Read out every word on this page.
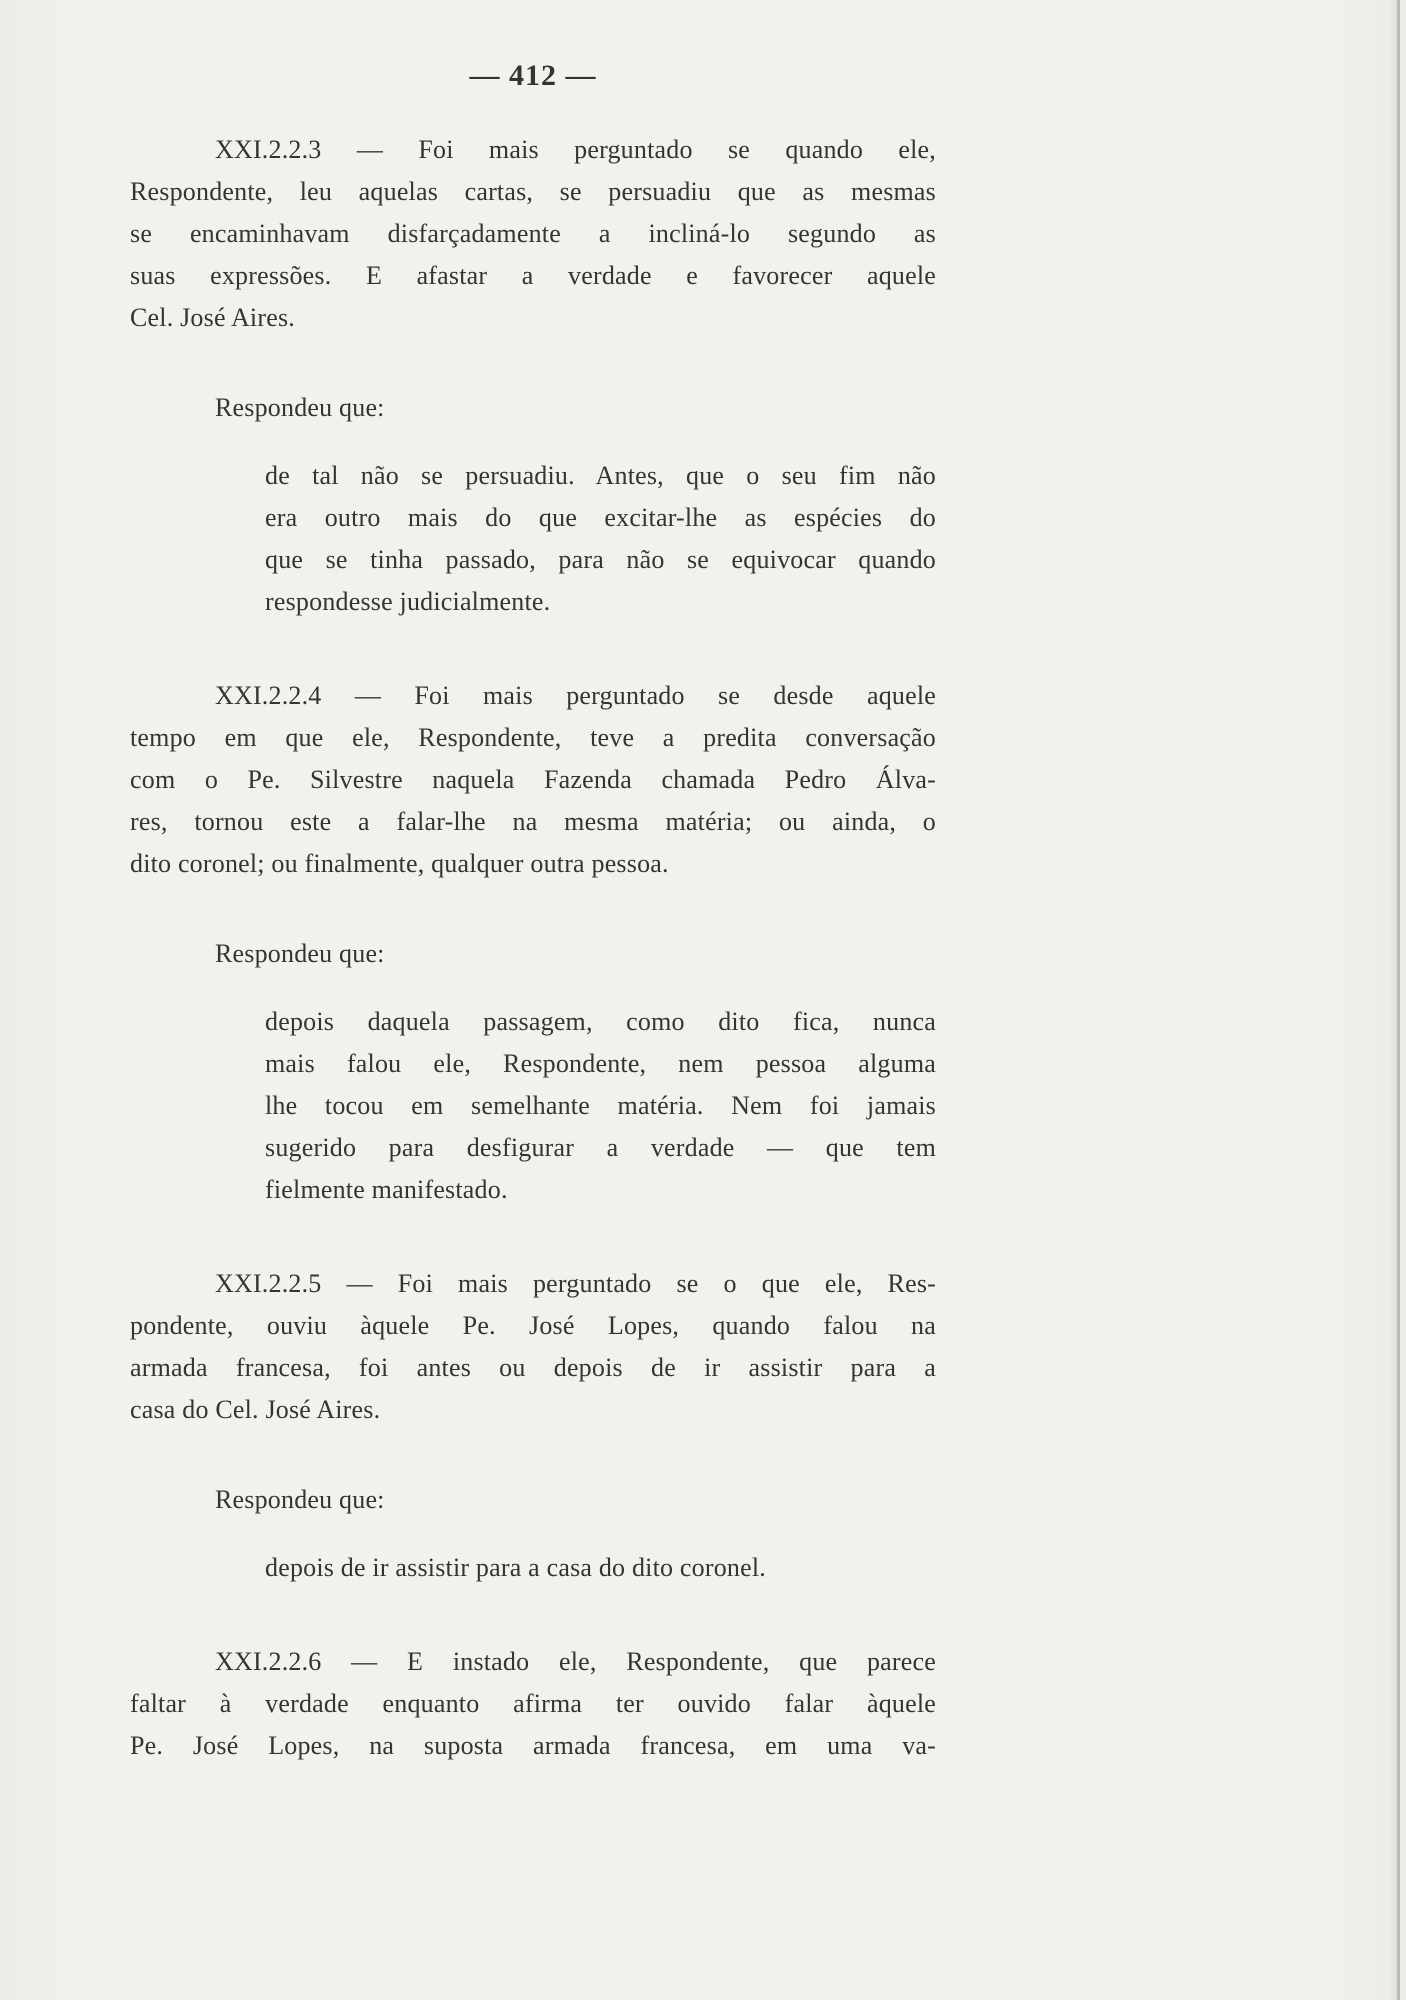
— 412 —
XXI.2.2.3 — Foi mais perguntado se quando ele,
Respondente, leu aquelas cartas, se persuadiu que as mesmas
se encaminhavam disfarçadamente a incliná-lo segundo as
suas expressões. E afastar a verdade e favorecer aquele
Cel. José Aires.
Respondeu que:
de tal não se persuadiu. Antes, que o seu fim não
era outro mais do que excitar-lhe as espécies do
que se tinha passado, para não se equivocar quando
respondesse judicialmente.
XXI.2.2.4 — Foi mais perguntado se desde aquele
tempo em que ele, Respondente, teve a predita conversação
com o Pe. Silvestre naquela Fazenda chamada Pedro Álva-
res, tornou este a falar-lhe na mesma matéria; ou ainda, o
dito coronel; ou finalmente, qualquer outra pessoa.
Respondeu que:
depois daquela passagem, como dito fica, nunca
mais falou ele, Respondente, nem pessoa alguma
lhe tocou em semelhante matéria. Nem foi jamais
sugerido para desfigurar a verdade — que tem
fielmente manifestado.
XXI.2.2.5 — Foi mais perguntado se o que ele, Res-
pondente, ouviu àquele Pe. José Lopes, quando falou na
armada francesa, foi antes ou depois de ir assistir para a
casa do Cel. José Aires.
Respondeu que:
depois de ir assistir para a casa do dito coronel.
XXI.2.2.6 — E instado ele, Respondente, que parece
faltar à verdade enquanto afirma ter ouvido falar àquele
Pe. José Lopes, na suposta armada francesa, em uma va-
